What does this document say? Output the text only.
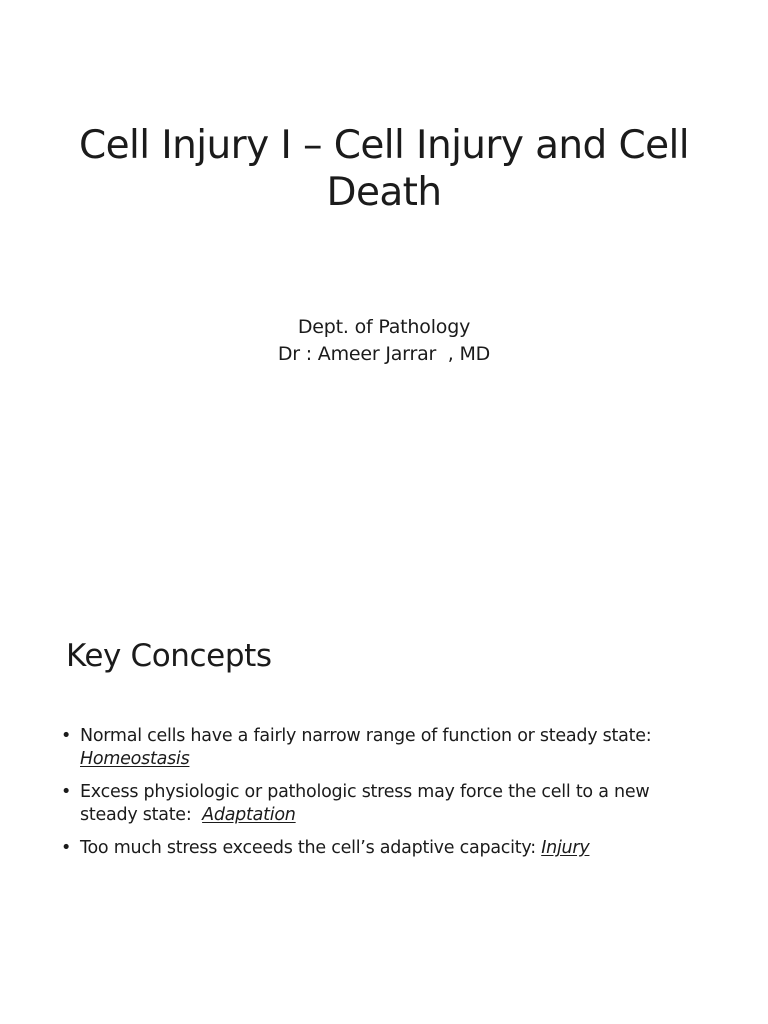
Cell Injury I – Cell Injury and Cell
Death
Dept. of Pathology
Dr : Ameer Jarrar  , MD
Key Concepts
• Normal cells have a fairly narrow range of function or steady state:
Homeostasis
• Excess physiologic or pathologic stress may force the cell to a new
steady state:  Adaptation
• Too much stress exceeds the cell’s adaptive capacity: Injury
